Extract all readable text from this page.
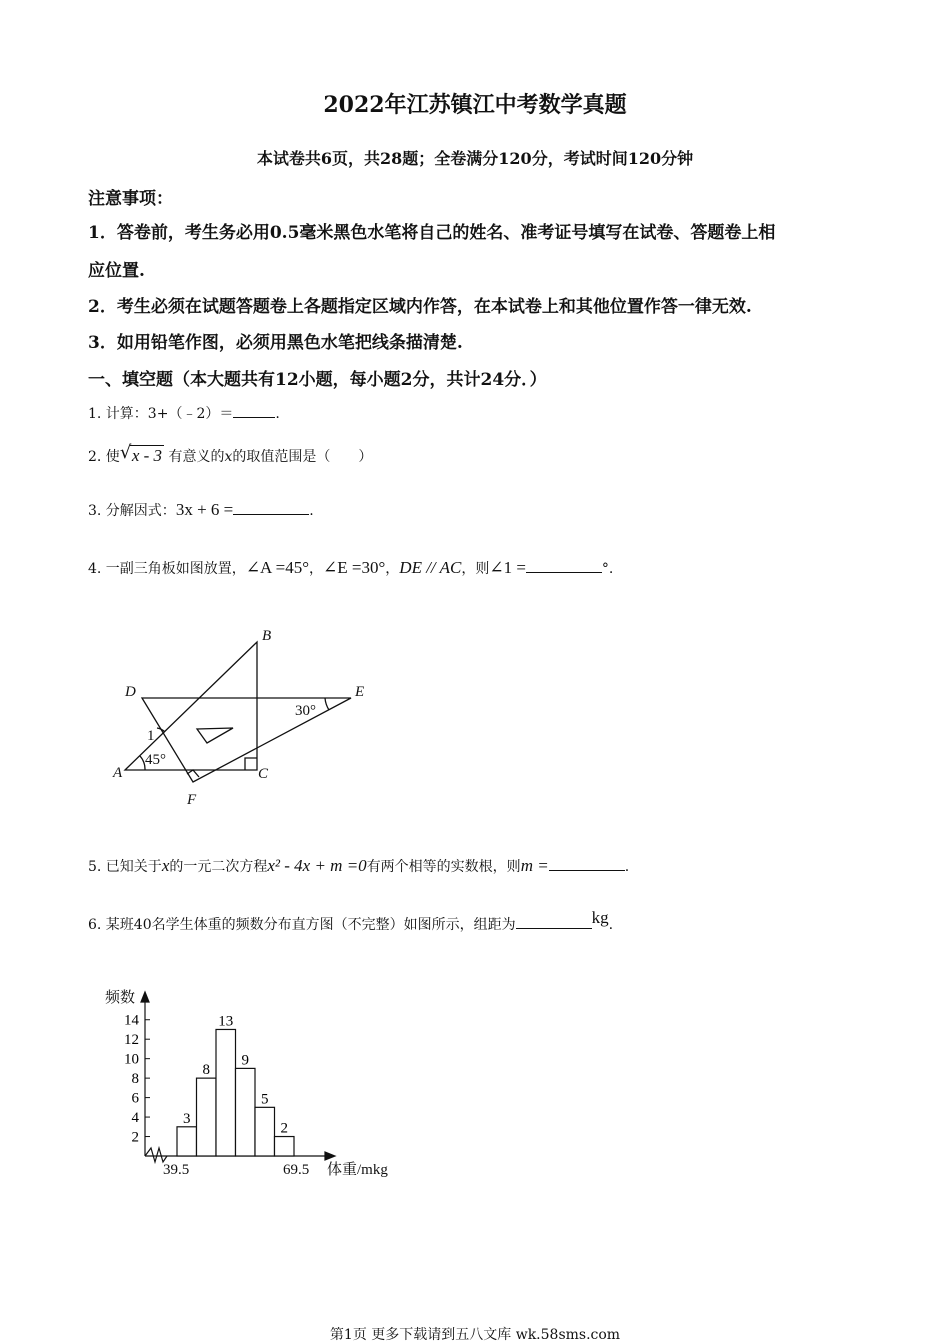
2022年江苏镇江中考数学真题
本试卷共6页，共28题；全卷满分120分，考试时间120分钟
注意事项：
1．答卷前，考生务必用0.5毫米黑色水笔将自己的姓名、准考证号填写在试卷、答题卷上相
应位置.
2．考生必须在试题答题卷上各题指定区域内作答，在本试卷上和其他位置作答一律无效.
3．如用铅笔作图，必须用黑色水笔把线条描清楚.
一、填空题（本大题共有12小题，每小题2分，共计24分．）
1. 计算：3+（﹣2）＝	.
2. 使 √ x - 3 有意义的x的取值范围是（　　）
3. 分解因式：3x + 6 =	.
4. 一副三角板如图放置，∠A =45°，∠E =30°，DE // AC，则∠1 =	°.
B
D	E
1
A
45°
C
F
30°
5. 已知关于x的一元二次方程x² - 4x + m =0有两个相等的实数根，则m =	.
6. 某班40名学生体重的频数分布直方图（不完整）如图所示，组距为	kg.
2
4
6
8
10
12
14
3
8
13
9
5
2
频数
体重/mkg
39.5	69.5
第1页 更多下载请到五八文库 wk.58sms.com
